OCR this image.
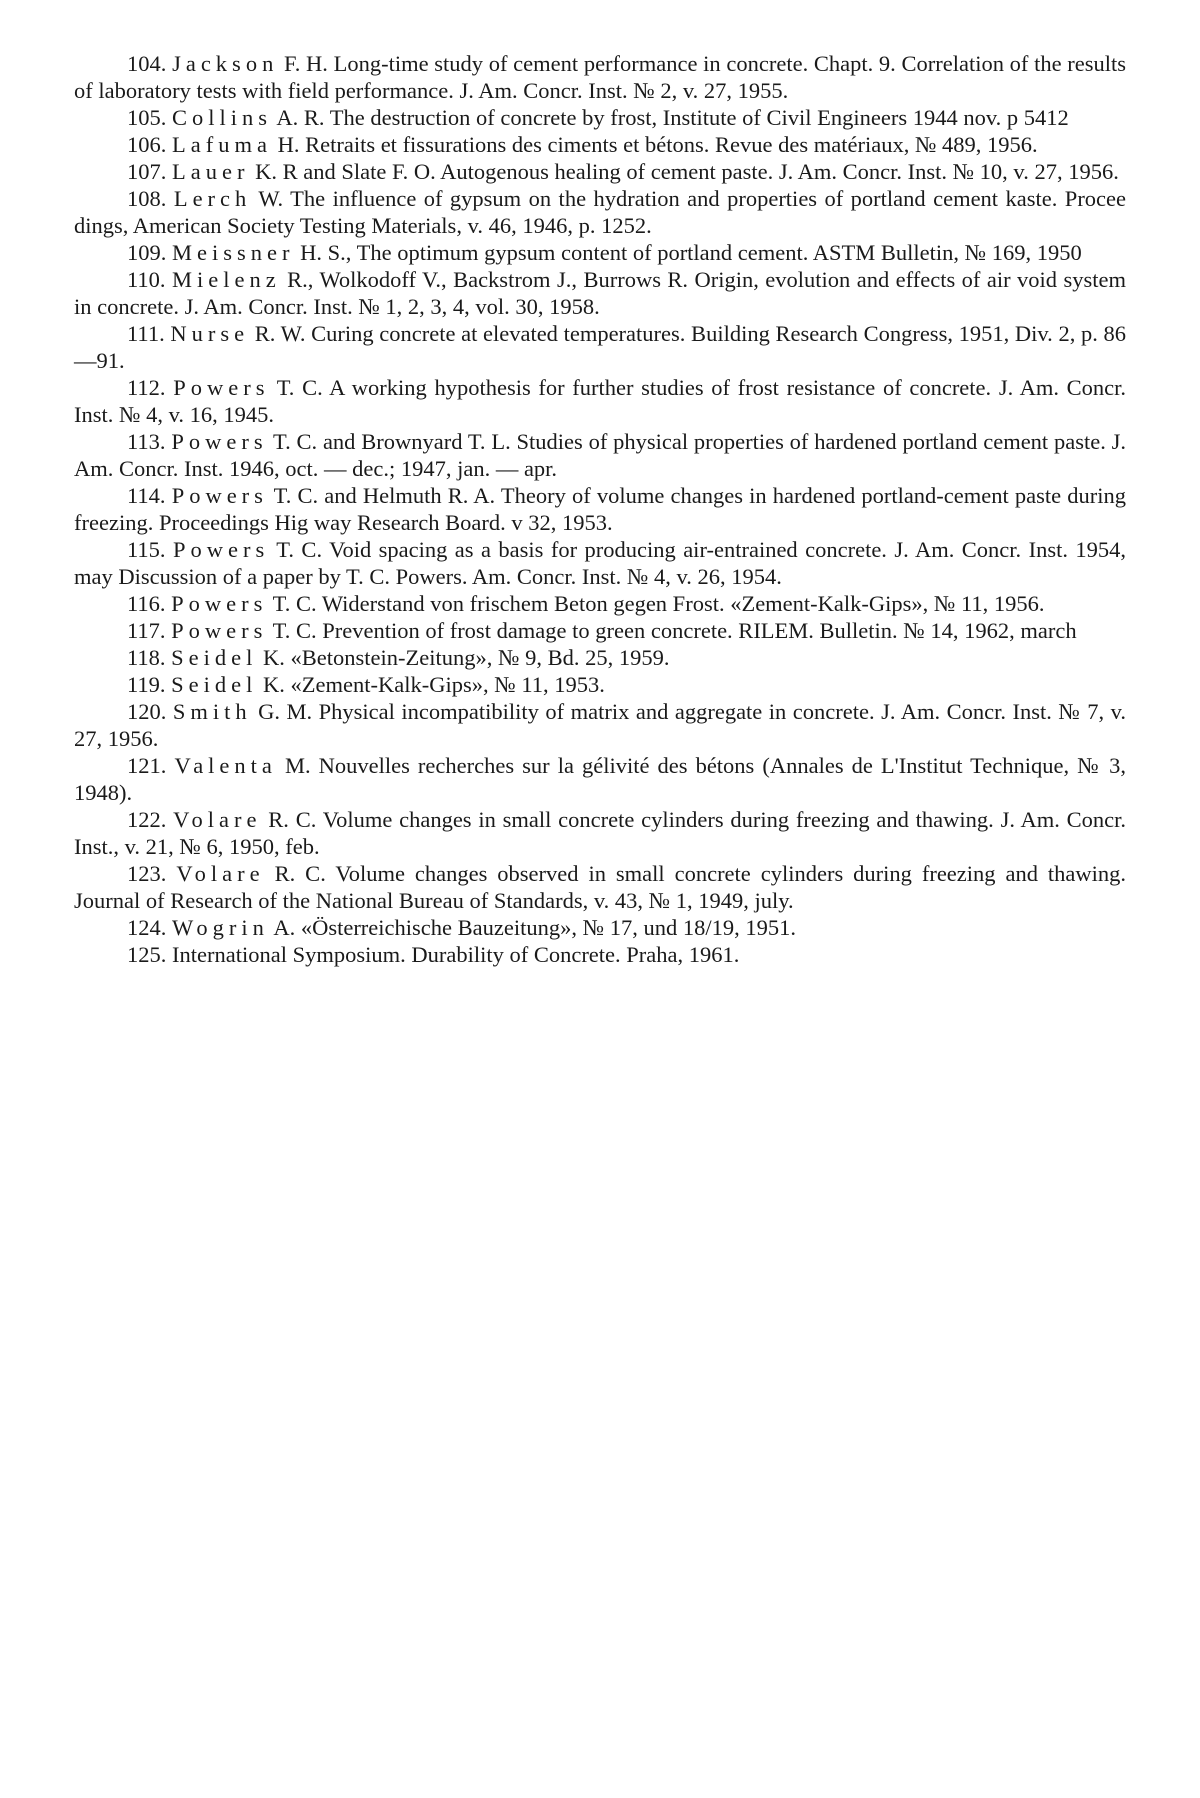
104. Jackson F. H. Long-time study of cement performance in concrete. Chapt. 9. Correlation of the results of laboratory tests with field performance. J. Am. Concr. Inst. № 2, v. 27, 1955.

105. Collins A. R. The destruction of concrete by frost, Institute of Civil Engineers 1944 nov. p 5412

106. Lafuma H. Retraits et fissurations des ciments et bétons. Revue des matériaux, № 489, 1956.

107. Lauer K. R and Slate F. O. Autogenous healing of cement paste. J. Am. Concr. Inst. № 10, v. 27, 1956.

108. Lerch W. The influence of gypsum on the hydration and properties of portland cement kaste. Procee dings, American Society Testing Materials, v. 46, 1946, p. 1252.

109. Meissner H. S., The optimum gypsum content of portland cement. ASTM Bulletin, № 169, 1950

110. Mielenz R., Wolkodoff V., Backstrom J., Burrows R. Origin, evolution and effects of air void system in concrete. J. Am. Concr. Inst. № 1, 2, 3, 4, vol. 30, 1958.

111. Nurse R. W. Curing concrete at elevated temperatures. Building Research Congress, 1951, Div. 2, p. 86—91.

112. Powers T. C. A working hypothesis for further studies of frost resistance of concrete. J. Am. Concr. Inst. № 4, v. 16, 1945.

113. Powers T. C. and Brownyard T. L. Studies of physical properties of hardened portland cement paste. J. Am. Concr. Inst. 1946, oct. — dec.; 1947, jan. — apr.

114. Powers T. C. and Helmuth R. A. Theory of volume changes in hardened portland-cement paste during freezing. Proceedings Hig way Research Board. v 32, 1953.

115. Powers T. C. Void spacing as a basis for producing air-entrained concrete. J. Am. Concr. Inst. 1954, may Discussion of a paper by T. C. Powers. Am. Concr. Inst. № 4, v. 26, 1954.

116. Powers T. C. Widerstand von frischem Beton gegen Frost. «Zement-Kalk-Gips», № 11, 1956.

117. Powers T. C. Prevention of frost damage to green concrete. RILEM. Bulletin. № 14, 1962, march

118. Seidel K. «Betonstein-Zeitung», № 9, Bd. 25, 1959.

119. Seidel K. «Zement-Kalk-Gips», № 11, 1953.

120. Smith G. M. Physical incompatibility of matrix and aggregate in concrete. J. Am. Concr. Inst. № 7, v. 27, 1956.

121. Valenta M. Nouvelles recherches sur la gélivité des bétons (Annales de L'Institut Technique, № 3, 1948).

122. Volare R. C. Volume changes in small concrete cylinders during freezing and thawing. J. Am. Concr. Inst., v. 21, № 6, 1950, feb.

123. Volare R. C. Volume changes observed in small concrete cylinders during freezing and thawing. Journal of Research of the National Bureau of Standards, v. 43, № 1, 1949, july.

124. Wogrin A. «Österreichische Bauzeitung», № 17, und 18/19, 1951.

125. International Symposium. Durability of Concrete. Praha, 1961.
